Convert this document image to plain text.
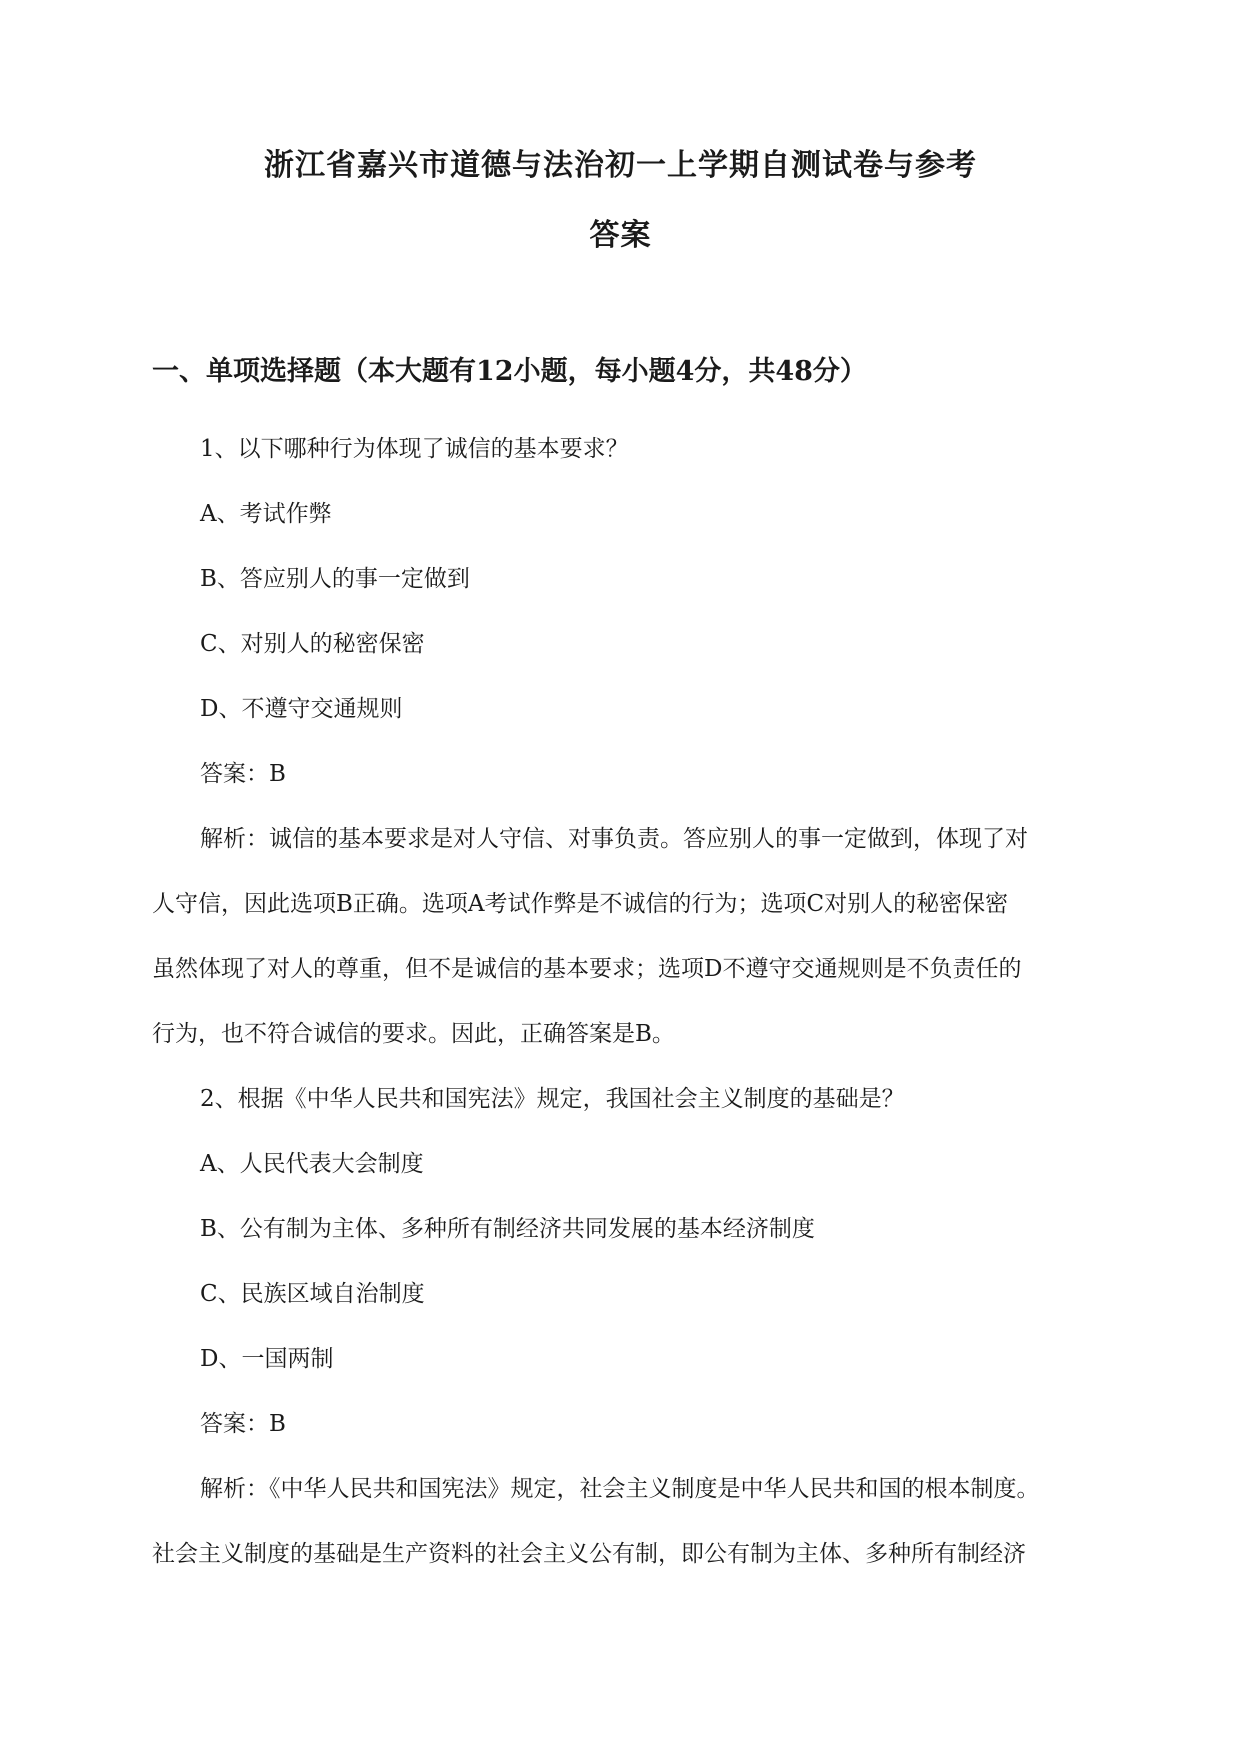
浙江省嘉兴市道德与法治初一上学期自测试卷与参考
答案
一、单项选择题（本大题有12小题，每小题4分，共48分）
1、以下哪种行为体现了诚信的基本要求？
A、考试作弊
B、答应别人的事一定做到
C、对别人的秘密保密
D、不遵守交通规则
答案：B
解析：诚信的基本要求是对人守信、对事负责。答应别人的事一定做到，体现了对
人守信，因此选项B正确。选项A考试作弊是不诚信的行为；选项C对别人的秘密保密
虽然体现了对人的尊重，但不是诚信的基本要求；选项D不遵守交通规则是不负责任的
行为，也不符合诚信的要求。因此，正确答案是B。
2、根据《中华人民共和国宪法》规定，我国社会主义制度的基础是？
A、人民代表大会制度
B、公有制为主体、多种所有制经济共同发展的基本经济制度
C、民族区域自治制度
D、一国两制
答案：B
解析：《中华人民共和国宪法》规定，社会主义制度是中华人民共和国的根本制度。
社会主义制度的基础是生产资料的社会主义公有制，即公有制为主体、多种所有制经济
